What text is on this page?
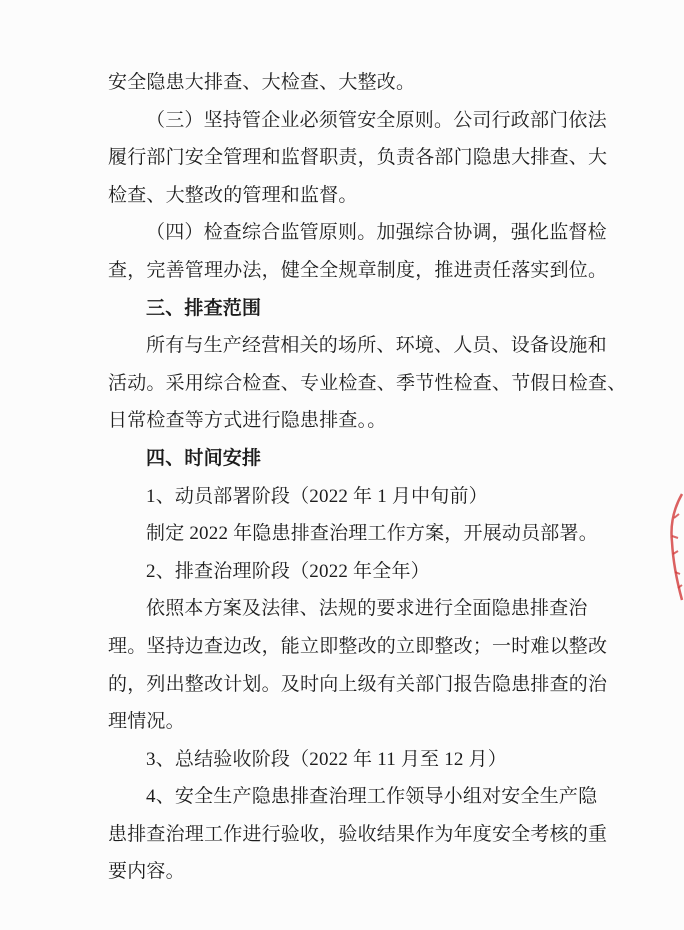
安全隐患大排查、大检查、大整改。
（三）坚持管企业必须管安全原则。公司行政部门依法
履行部门安全管理和监督职责，负责各部门隐患大排查、大
检查、大整改的管理和监督。
（四）检查综合监管原则。加强综合协调，强化监督检
查，完善管理办法，健全全规章制度，推进责任落实到位。
三、排查范围
所有与生产经营相关的场所、环境、人员、设备设施和
活动。采用综合检查、专业检查、季节性检查、节假日检查、
日常检查等方式进行隐患排查。。
四、时间安排
1、动员部署阶段（2022 年 1 月中旬前）
制定 2022 年隐患排查治理工作方案，开展动员部署。
2、排查治理阶段（2022 年全年）
依照本方案及法律、法规的要求进行全面隐患排查治
理。坚持边查边改，能立即整改的立即整改；一时难以整改
的，列出整改计划。及时向上级有关部门报告隐患排查的治
理情况。
3、总结验收阶段（2022 年 11 月至 12 月）
4、安全生产隐患排查治理工作领导小组对安全生产隐
患排查治理工作进行验收，验收结果作为年度安全考核的重
要内容。
